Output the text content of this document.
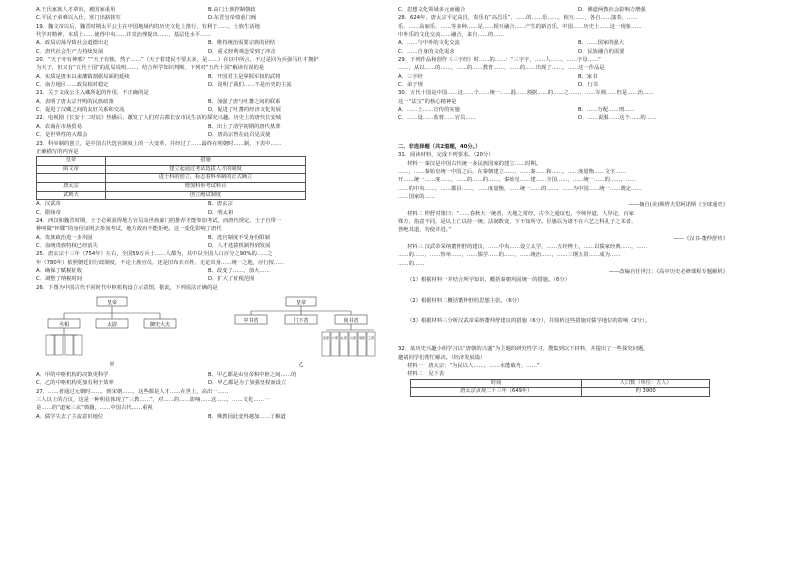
A.王氏家族人才辈出，被国家重用	B.高门士族控制朝政
C.平民子弟难以入仕，寒门出路狭窄	D.东晋皇帝倚重门阀
19．魏文帝以后，魏晋时期太平公主在中国地域内的历史文化上推行、有利于……，士族生活地
代学对精神，本质上……使得中央……并其治理提出……，基层化水平……
A．政局动荡导致社会道德出走	B．维持统治需要宗族的团结
C．唐代社会生产力持续发展	D．重义轻利观念受到了冲击
20．“天子亦有神邪？”“天子有独，然子……”（天子着建民不要太多，是……）在以中所言，不过是回为兵强马壮才拥护
为天子，但又有“五代十国”的乱局说明……，结合所学知识判断，下列对“五代十国”解读有误的是
A．实质是唐末以来藩镇割据局面的延续	B．开国君主是掌握军权的武将
C．南方地区……政局相对稳定	D．说明了我们……不是历史的主流
21．关于文成公主入藏所起的作用，不正确的是
A．表明了唐太宗开明的民族政策	B．加强了唐与吐蕃之间的联系
C．促进了汉藏之间的友好关系和交流	D．促进了吐蕃的经济文化发展
22．电视剧《长安十二时辰》热播后，激发了人们对古都长安市民生活的探究兴趣。历史上的唐代长安城
A．农商在市场贸易	B．出土了清学初期的唐代墓葬
C．是世界性的大都会	D．唐高宗曾在此召见贡使
23．科举制的创立，是中国古代选官制度上的一大变革，并经过了……最终在明朝时……制，下表中……
正确描写的内容是
皇帝	措施
隋文帝	建立起通过考试选拔人才的制度
	进士科的创立，标志着科举制的正式确立
唐太宗	增加科举考试科目
武则天	创立殿试制度
A．汉武帝	B．唐玄宗
C．隋炀帝	D．明太祖
24．西汉和魏晋时期，士子必须获得地方官员及世族豪门的推荐才能参加考试，而唐代规定，士子自带一
种叫做“怀牒”的身份证明去参加考试，地方政府不能拒绝。这一变化影响了唐代
A．贵族政治进一步巩固	B．选官制度不受身份限制
C．血统贵族特权已经消失	D．人才选拔机制得到发展
25．唐玄宗十三年（754年）左右，全国59万兵士……人都为，其中以全国人口百分之90%的……之
年（780年）依照朝廷旧行政制度，不论士族官员，还是旧布衣百姓，无论出身……统一之地，应行按……
A．确保了赋税征收	B．改变了……，加大……
C．调整了纳税时间	D．扩大了征税范围
26．下图为中国古代不同时代中枢机构设立示意图，据此，下列说法正确的是
皇帝
丞相	太尉	御史大夫
甲
皇帝
中书省	门下省	尚书省
吏部 户部 礼部 兵部 刑部 工部
乙
A．甲的中枢机构的决策更科学	B．甲乙都是由皇帝和中枢之间……的
C．乙的中枢机构更加有利于效率	D．甲乙都是为了加强皇权而设立
27．……者通过元朝时……，到宋朝……，这些都是人才……在世上，高出一……
三人以上的合议，这是一种明显体现了“三教……”，对……的……影响……这……，……文化……一
是……的“道家三玄”典籍，……中国古代……重视
A．儒学失去了主流意识地位	B．佛教因此变得越加……了解道
C．思想文化领域多元而融合	D．佛道两教社会影响力增强
28．624年，唐太宗平定高昌，奏乐有“高昌乐”，……的……乐……，相互……，各自……演奏，……
乐、……高丽乐、……等多种……是……相互融合……产生的新音乐，中国……历史上……这一现象……
中外乐的文化交流……融合，来自……的……
A．……与中外的文化交流	B．……国家的强大
C．……自身的文化需求	D．民族融合的需要
29．下列作品和创作《三字经》时……的……：“三字字，……人……，……字母……”
……，从以……的……，……的……教育……，……的……出现了……，……这一作品是
A．三字经	B．家书
C．弟子规	D．行书
30．五代十国是中国……这……个……统一……混……割据……的……之……，……军阀……但是……治……
这一“法宝”的核心精神是
A．……上……宣传的实施	B．……分配……刑……
C．……设……监督……官员……	D．……说服……这个……的……
二、非选择题（共2道题，40分。）
31．阅读材料，完成下列要求。（20分）
材料一 秦汉是中国古代统一多民族国家的建立……时期。
……，……秦始皇统一中国之后，在秦朝建立……，……秦……和……，……度量衡……文字……
开……统一……度……，……的……的……，秦始皇……建……全国……，……统一……的……，……
……的中央……，……郡县……，……度量衡，……统一……的……，……为中国……统一……奠定……
……国家的……
——摘自(美)斯塔夫里阿诺斯《全球通史》
材料二 仲舒对策曰：“……春秋大一统者，天地之常经，古今之通谊也。今师异道，人异论，百家
殊方，指意不同，是以上亡以持一统；法制数变，下不知所守。臣愚以为诸不在六艺之科孔子之术者，
皆绝其道，勿使并进。”
——《汉书·董仲舒传》
材料三 汉武帝采纳董仲舒的建议，……中央……设立太学，……五经博士，……以儒家经典……，……
……的……，……察举……，……儒学……的……，……统治……，……三纲五常……成为……
……的……
——改编自任世江：《高中历史必修课程专题解析》
（1）根据材料一并结合所学知识，概括秦朝巩固统一的措施。（6分）
（2）根据材料二概括董仲舒的思想主张。（6分）
（3）根据材料三分析汉武帝采纳董仲舒建议的措施（6分），并简析这些措施对儒学地位的影响（2分）。
32．某历史兴趣小组学习以“唐朝的兴盛”为主题的研究性学习，搜集到以下材料，并提出了一些探究问题，
邀请同学们帮忙解决。（经济发展篇）
材料一　唐太宗：“为民以人……，……水能载舟，……”
材料二　见下表
时间	人口数（单位：万人）
唐太宗贞观二十三年（649年）	约 3900
